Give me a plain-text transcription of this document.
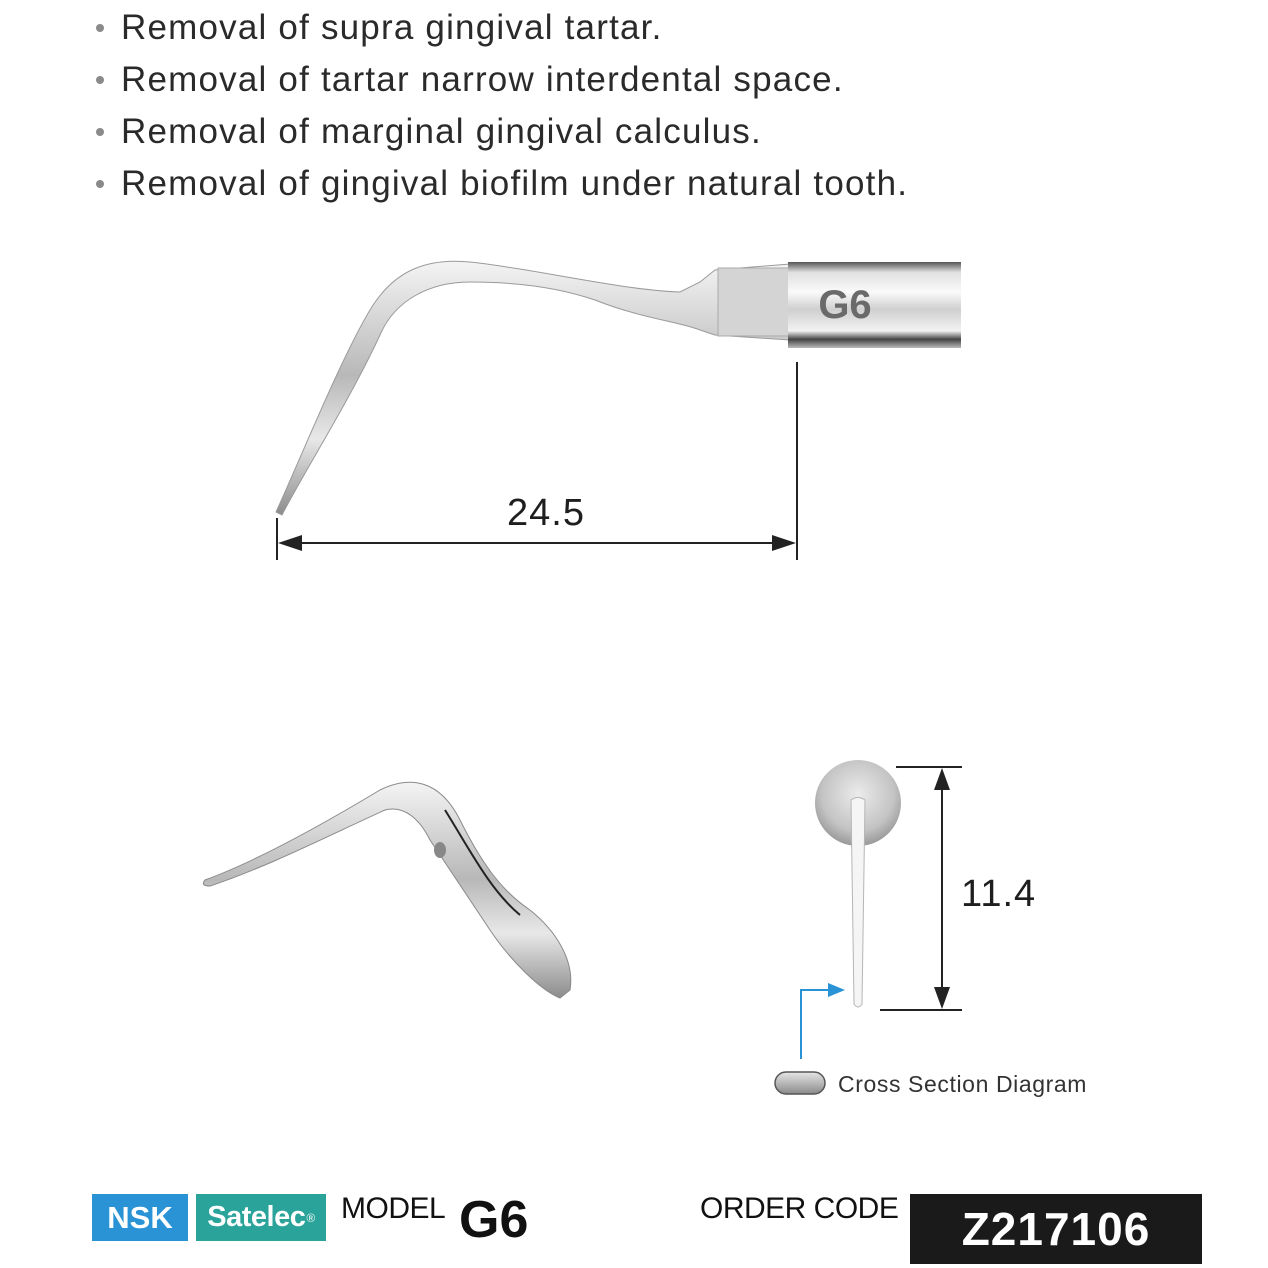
Removal of supra gingival tartar.
Removal of tartar narrow interdental space.
Removal of marginal gingival calculus.
Removal of gingival biofilm under natural tooth.
G6
24.5
11.4
Cross Section Diagram
NSK Satelec ® MODEL G6	ORDER CODE	Z217106
